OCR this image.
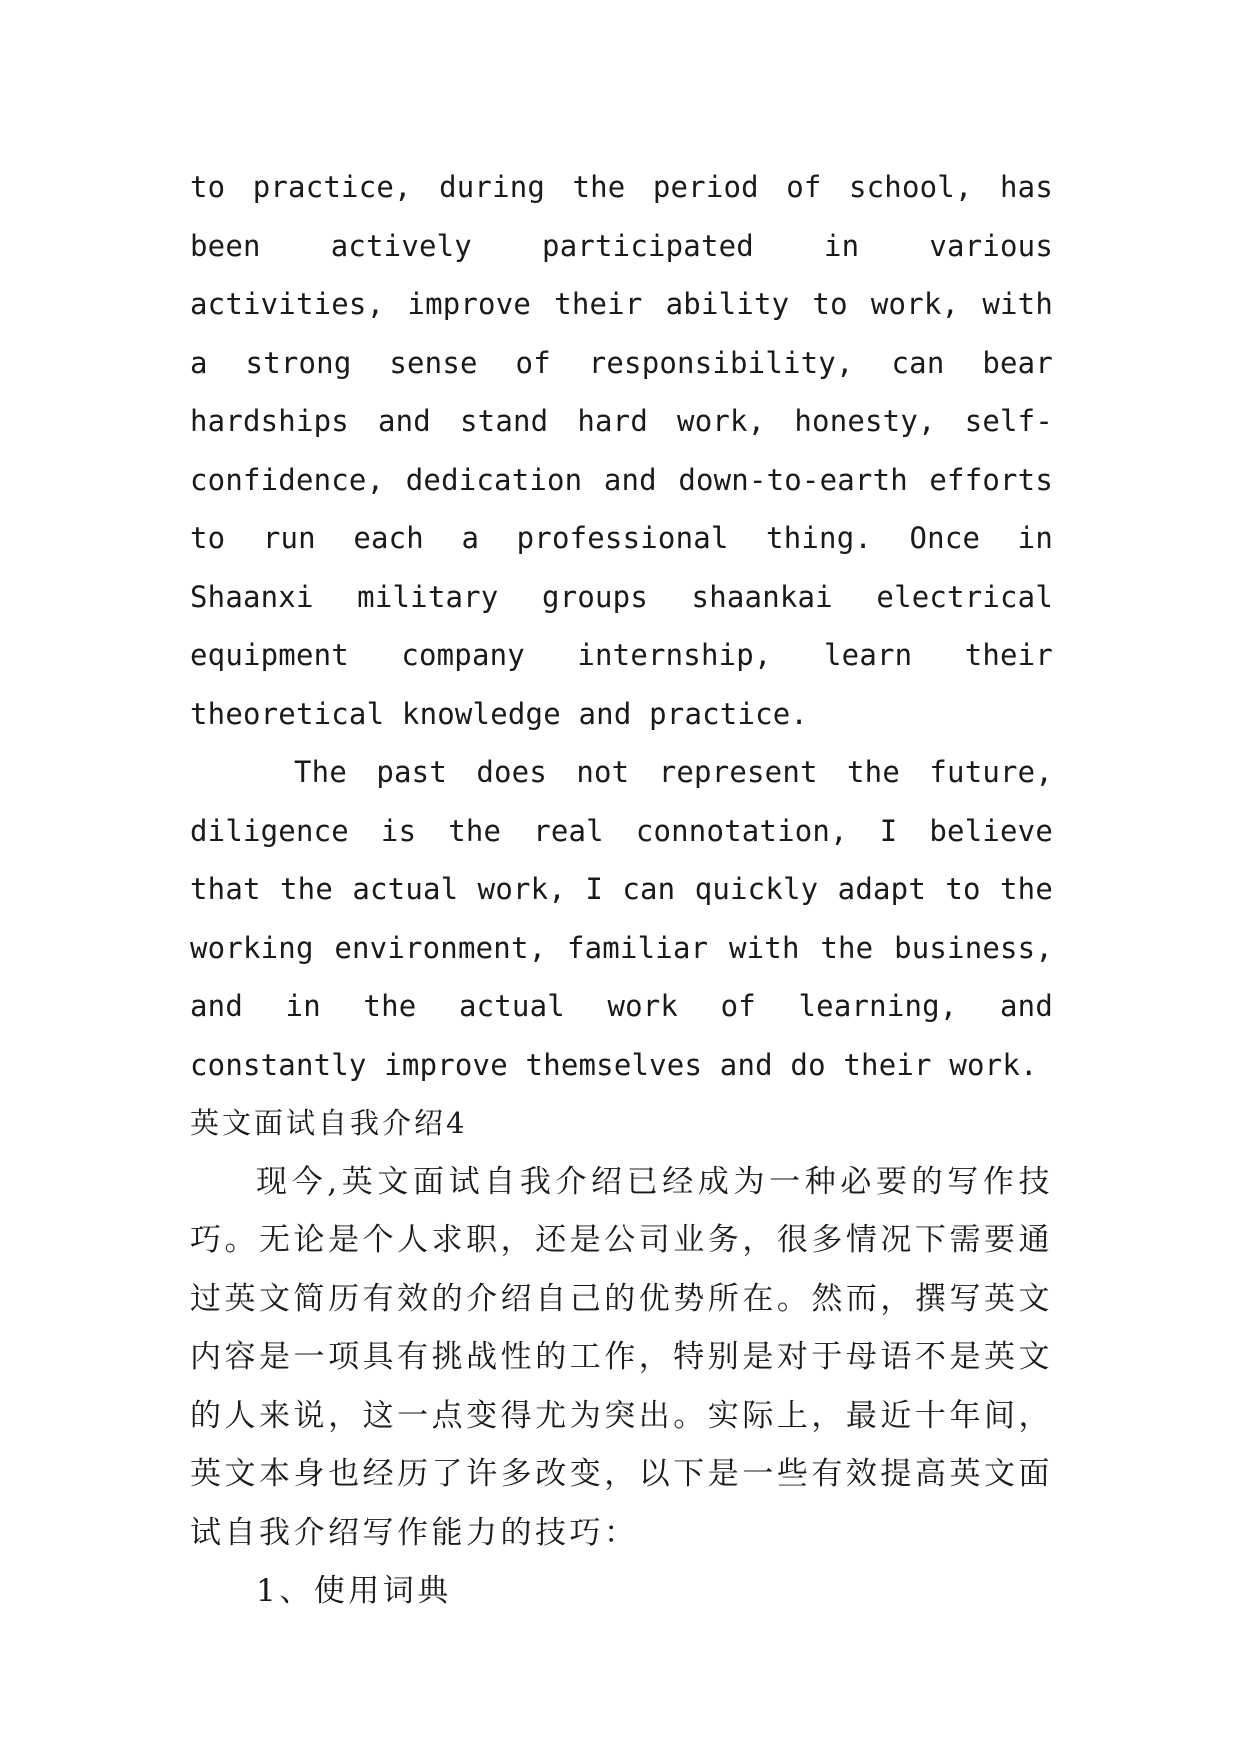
to practice, during the period of school, has been actively participated in various activities, improve their ability to work, with a strong sense of responsibility, can bear hardships and stand hard work, honesty, self-confidence, dedication and down-to-earth efforts to run each a professional thing. Once in Shaanxi military groups shaankai electrical equipment company internship, learn their theoretical knowledge and practice.

The past does not represent the future, diligence is the real connotation, I believe that the actual work, I can quickly adapt to the working environment, familiar with the business, and in the actual work of learning, and constantly improve themselves and do their work.

英文面试自我介绍4

现今,英文面试自我介绍已经成为一种必要的写作技巧。无论是个人求职，还是公司业务，很多情况下需要通过英文简历有效的介绍自己的优势所在。然而，撰写英文内容是一项具有挑战性的工作，特别是对于母语不是英文的人来说，这一点变得尤为突出。实际上，最近十年间，英文本身也经历了许多改变，以下是一些有效提高英文面试自我介绍写作能力的技巧：

1、使用词典
